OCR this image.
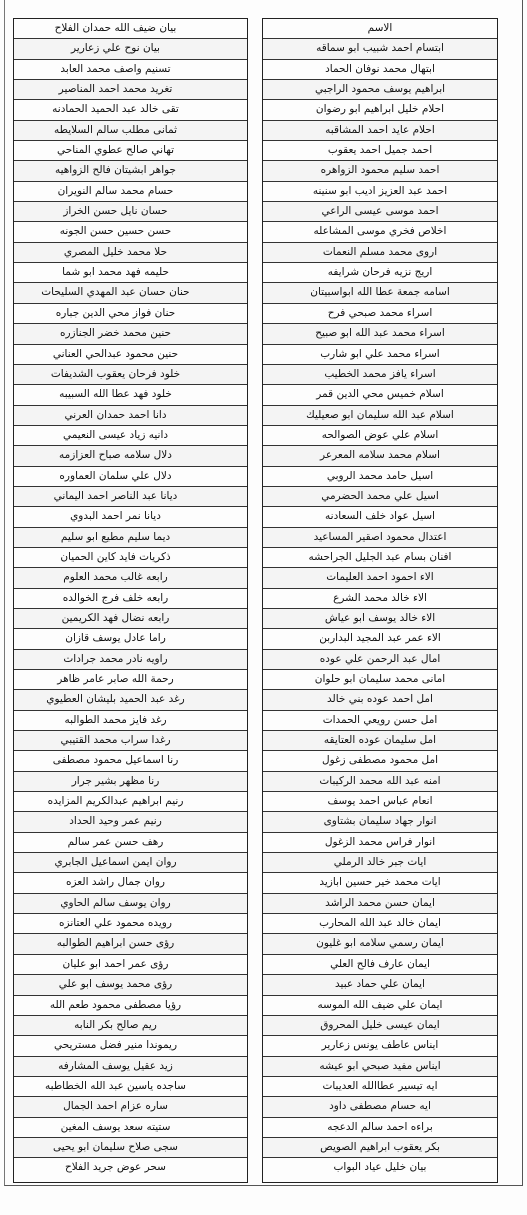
الاسم
ابتسام احمد شبيب ابو سماقه
ابتهال محمد نوفان الحماد
ابراهيم يوسف محمود الراجبي
احلام خليل ابراهيم ابو رضوان
احلام عايد احمد المشاقبه
احمد جميل احمد يعقوب
احمد سليم محمود الزواهره
احمد عبد العزيز اديب ابو سنينه
احمد موسى عيسى الراعي
اخلاص فخري موسى المشاعله
اروى محمد مسلم النعمات
اريج نزيه فرحان شرايفه
اسامه جمعة عطا الله ابواسبيتان
اسراء محمد صبحي فرح
اسراء محمد عبد الله ابو صبيح
اسراء محمد علي ابو شارب
اسراء يافز محمد الخطيب
اسلام خميس محي الدين قمر
اسلام عبد الله سليمان ابو صعيليك
اسلام علي عوض الصوالحه
اسلام محمد سلامه المعرعر
اسيل حامد محمد الروبي
اسيل علي محمد الحضرمي
اسيل عواد خلف السعادنه
اعتدال محمود اصقير المساعيد
افنان بسام عبد الجليل الجراحشه
الاء احمود احمد العليمات
الاء خالد محمد الشرع
الاء خالد يوسف ابو عياش
الاء عمر عبد المجيد البداربن
امال عبد الرحمن علي عوده
امانى محمد سليمان ابو حلوان
امل احمد عوده بني خالد
امل حسن رويعي الحمدات
امل سليمان عوده العتايقه
امل محمود مصطفى زغول
امنه عبد الله محمد الركيبات
انعام عباس احمد يوسف
انوار جهاد سليمان بشتاوى
انوار فراس محمد الزغول
ايات جبر خالد الرملي
ايات محمد خير حسين ابازيد
ايمان حسن محمد الراشد
ايمان خالد عبد الله المحارب
ايمان رسمي سلامه ابو غليون
ايمان عارف فالح العلي
ايمان علي حماد عبيد
ايمان علي ضيف الله الموسه
ايمان عيسى خليل المحروق
ايناس عاطف يونس زعارير
ايناس مفيد صبحي ابو عيشه
ايه تيسير عطاالله العديبات
ايه حسام مصطفى داود
براءه احمد سالم الدعجه
بكر يعقوب ابراهيم الصويص
بيان خليل عياد البواب
بيان ضيف الله حمدان الفلاح
بيان نوح علي زعارير
تسنيم واصف محمد العابد
تغريد محمد احمد المناصير
تقى خالد عبد الحميد الحمادنه
ثمانى مطلب سالم السلايطه
تهاني صالح عطوي المناحي
جواهر ابشيتان فالح الزواهيه
حسام محمد سالم النويران
حسان نايل حسن الخراز
حسن حسين حسن الجونه
حلا محمد خليل المصري
حليمه فهد محمد ابو شما
حنان حسان عبد المهدي السليحات
حنان فواز محي الدين جباره
حنين محمد خضر الجنازره
حنين محمود عبدالحي العناني
خلود فرحان يعقوب الشديفات
خلود فهد عطا الله السبيبه
دانا احمد حمدان العرني
دانيه زياد عيسى النعيمي
دلال سلامه صباح العزازمه
دلال علي سلمان العماوره
ديانا عبد الناصر احمد اليماني
ديانا نمر احمد البدوي
ديما سليم مطيع ابو سليم
ذكريات فايد كاين الحميان
رابعه غالب محمد العلوم
رابعه خلف فرج الخوالده
رابعه نضال فهد الكريمين
راما عادل يوسف قازان
راويه نادر محمد جرادات
رحمة الله صابر عامر ظاهر
رغد عبد الحميد بليشان العطيوي
رغد فايز محمد الطوالبه
رغدا سراب محمد القتيبي
رنا اسماعيل محمود مصطفى
رنا مظهر بشير جرار
رنيم ابراهيم عبدالكريم المزايده
رنيم عمر وحيد الحداد
رهف حسن عمر سالم
روان ايمن اسماعيل الجابري
روان جمال راشد العزه
روان يوسف سالم الحاوي
رويده محمود علي العتانزه
رؤى حسن ابراهيم الطوالبه
رؤى عمر احمد ابو عليان
رؤى محمد يوسف ابو علي
رؤيا مصطفى محمود طعم الله
ريم صالح بكر النابه
ريموندا منير فضل مستريحي
زيد عقيل يوسف المشارفه
ساجده ياسين عبد الله الخطاطبه
ساره عزام احمد الجمال
ستيته سعد يوسف المغين
سجى صلاح سليمان ابو يحيى
سحر عوض جريد الفلاح
